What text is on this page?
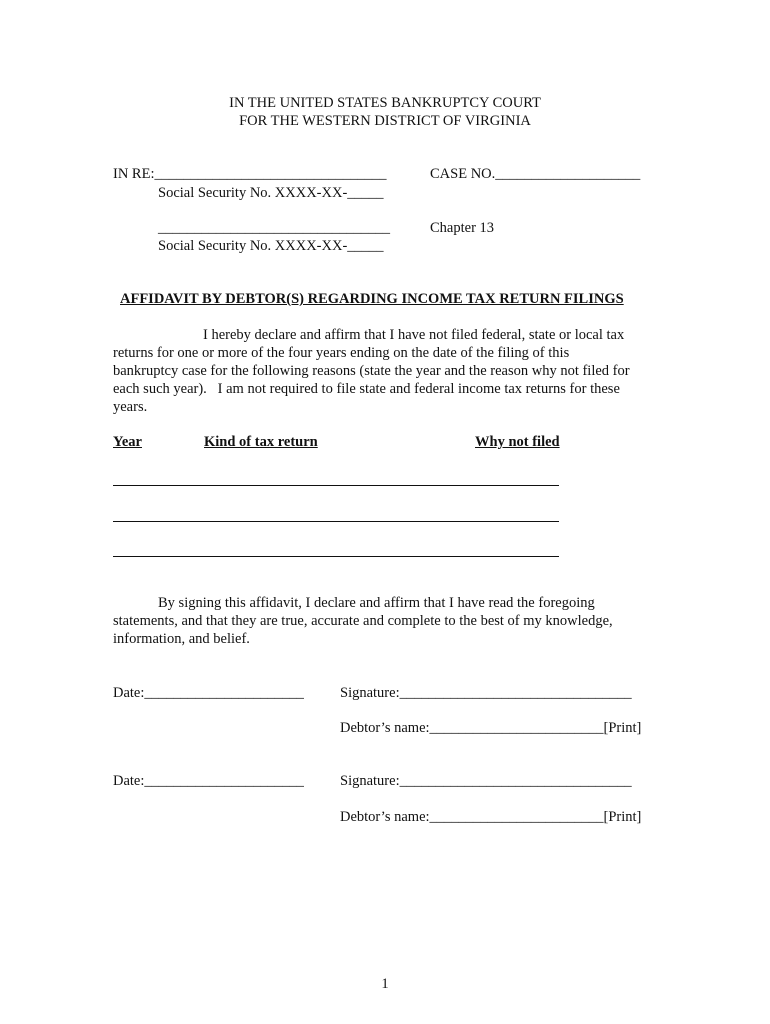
IN THE UNITED STATES BANKRUPTCY COURT
FOR THE WESTERN DISTRICT OF VIRGINIA
IN RE:________________________________
Social Security No. XXXX-XX-_____
CASE NO.____________________
________________________________
Social Security No. XXXX-XX-_____
Chapter 13
AFFIDAVIT BY DEBTOR(S) REGARDING INCOME TAX RETURN FILINGS
I hereby declare and affirm that I have not filed federal, state or local tax
returns for one or more of the four years ending on the date of the filing of this
bankruptcy case for the following reasons (state the year and the reason why not filed for
each such year).   I am not required to file state and federal income tax returns for these
years.
Year	Kind of tax return	Why not filed
By signing this affidavit, I declare and affirm that I have read the foregoing
statements, and that they are true, accurate and complete to the best of my knowledge,
information, and belief.
Date:______________________ Signature:________________________________
Debtor’s name:________________________[Print]
Date:______________________ Signature:________________________________
Debtor’s name:________________________[Print]
1
